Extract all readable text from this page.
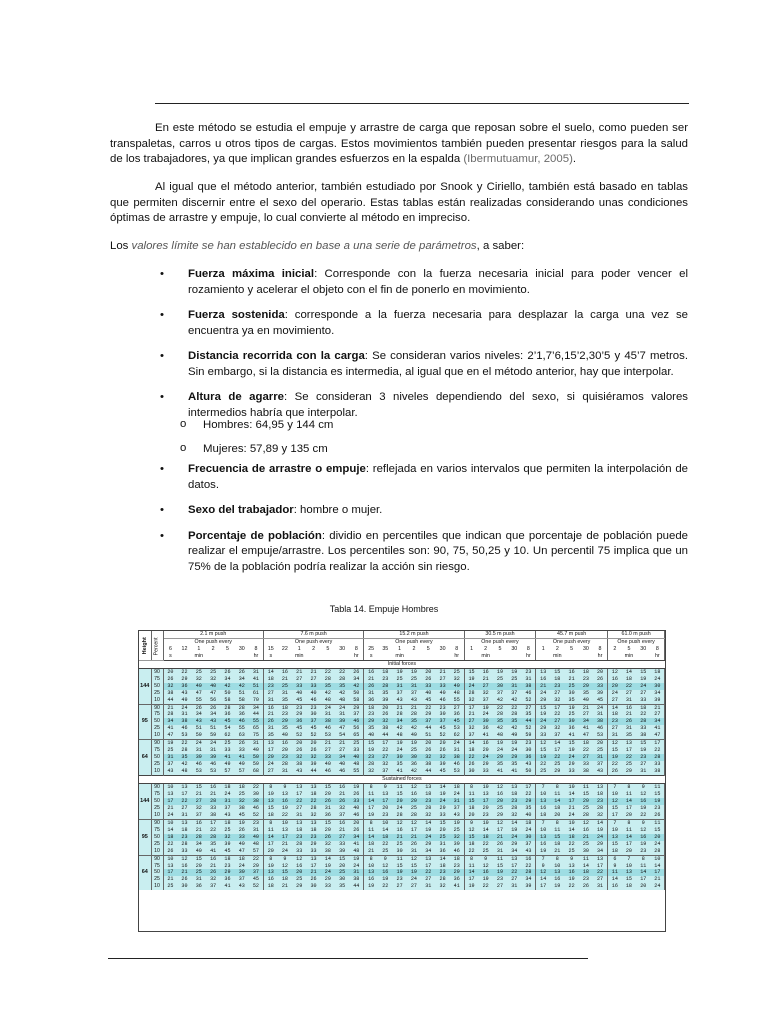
En este método se estudia el empuje y arrastre de carga que reposan sobre el suelo, como pueden ser transpaletas, carros u otros tipos de cargas. Estos movimientos también pueden presentar riesgos para la salud de los trabajadores, ya que implican grandes esfuerzos en la espalda (Ibermutuamur, 2005).

Al igual que el método anterior, también estudiado por Snook y Ciriello, también está basado en tablas que permiten discernir entre el sexo del operario. Estas tablas están realizadas considerando unas condiciones óptimas de arrastre y empuje, lo cual convierte al método en impreciso.

Los valores límite se han establecido en base a una serie de parámetros, a saber:

• Fuerza máxima inicial: Corresponde con la fuerza necesaria inicial para poder vencer el rozamiento y acelerar el objeto con el fin de ponerlo en movimiento.
• Fuerza sostenida: corresponde a la fuerza necesaria para desplazar la carga una vez se encuentra ya en movimiento.
• Distancia recorrida con la carga: Se consideran varios niveles: 2’1,7’6,15’2,30’5 y 45’7 metros. Sin embargo, si la distancia es intermedia, al igual que en el método anterior, hay que interpolar.
• Altura de agarre: Se consideran 3 niveles dependiendo del sexo, si quisiéramos valores intermedios habría que interpolar.
o Hombres: 64,95 y 144 cm
o Mujeres: 57,89 y 135 cm
• Frecuencia de arrastre o empuje: reflejada en varios intervalos que permiten la interpolación de datos.
• Sexo del trabajador: hombre o mujer.
• Porcentaje de población: dividio en percentiles que indican que porcentaje de población puede realizar el empuje/arrastre. Los percentiles son: 90, 75, 50,25 y 10. Un percentil 75 implica que un 75% de la población podría realizar la acción sin riesgo.
Tabla 14. Empuje Hombres
Height	Percent	2.1 m push							7.6 m push							15.2 m push							30.5 m push					45.7 m push					61.0 m push			
		One push every							One push every							One push every							One push every					One push every					One push every			
		6	12	1	2	5	30	8	15	22	1	2	5	30	8	25	35	1	2	5	30	8	1	2	5	30	8	1	2	5	30	8	2	5	30	8
		s		min				hr	s		min				hr	s		min				hr		min			hr		min			hr		min		hr
Initial forces																																				
144	90	20	22	25	25	26	26	31	14	16	21	21	22	22	26	16	18	19	19	20	21	25	15	16	19	19	23	13	15	16	18	20	12	14	15	18
	75	26	29	32	32	34	34	41	18	21	27	27	28	28	34	21	23	25	25	26	27	32	19	21	25	25	31	16	18	21	23	26	16	18	19	24
	50	32	36	40	40	42	42	51	23	25	33	33	35	35	42	26	28	31	31	33	33	40	24	27	30	31	38	21	23	25	29	33	20	22	24	30
	25	38	43	47	47	50	51	61	27	31	40	40	42	42	50	31	35	37	37	40	40	48	28	32	37	37	46	24	27	30	35	39	24	27	27	34
	10	44	49	55	56	58	58	70	31	35	45	46	48	48	58	36	39	43	43	45	46	55	32	37	42	42	52	29	32	35	40	45	27	31	33	39
95	90	21	24	26	26	28	28	34	16	18	23	23	24	24	29	18	20	21	21	22	23	27	17	19	22	22	27	15	17	19	21	24	14	16	18	21
	75	28	31	34	34	36	36	44	21	23	29	30	31	31	37	23	26	28	28	29	30	36	21	24	28	28	35	19	22	25	27	31	18	21	22	27
	50	34	38	43	43	45	46	55	26	29	36	37	38	39	46	29	32	34	35	37	37	45	27	30	35	35	44	24	27	30	34	38	23	26	28	34
	25	41	46	51	51	54	55	65	31	35	45	45	46	47	56	35	38	42	42	44	45	53	32	36	42	42	52	29	32	36	41	46	27	31	33	41
	10	47	53	59	59	62	63	75	35	40	52	52	53	54	65	40	44	48	49	51	52	62	37	41	48	49	59	33	37	41	47	53	31	35	38	47
64	90	19	22	24	24	25	26	31	13	16	20	20	21	21	25	15	17	19	19	20	20	24	14	16	19	19	23	12	14	15	18	20	12	13	15	17
	75	25	28	31	31	33	33	40	17	20	26	26	27	27	33	19	22	24	25	26	26	31	18	20	24	24	30	15	17	19	22	25	15	17	19	22
	50	31	35	39	39	41	41	50	20	23	32	32	33	34	40	23	27	30	30	32	32	38	22	24	29	29	36	19	22	24	27	31	19	22	23	28
	25	37	42	46	46	49	49	59	24	28	38	39	40	40	48	28	32	35	36	38	39	46	26	29	35	35	43	22	25	29	33	37	22	25	27	33
	10	43	48	53	53	57	57	68	27	31	43	44	46	46	55	32	37	41	42	44	45	53	30	33	41	41	50	25	29	33	38	43	26	29	31	38
Sustained forces																																				
144	90	10	13	15	16	18	18	22	8	9	13	13	15	16	19	8	9	11	12	13	14	18	8	10	12	13	17	7	8	10	11	13	7	8	9	11
	75	13	17	21	21	24	25	30	10	13	17	18	20	21	26	11	13	15	16	18	19	24	11	13	16	18	22	10	11	14	15	18	10	11	12	15
	50	17	22	27	28	31	32	38	13	16	22	22	26	26	33	14	17	20	20	23	24	31	15	17	20	23	29	13	14	17	20	23	12	14	16	19
	25	21	27	32	33	37	38	46	15	19	27	28	31	32	40	17	20	24	25	28	29	37	18	20	25	28	35	16	18	21	25	28	15	17	19	23
	10	24	31	37	38	43	45	52	18	22	31	32	36	37	46	19	23	28	28	32	33	43	20	23	29	32	40	18	20	24	28	32	17	20	22	26
95	90	10	13	16	17	18	19	23	8	10	13	13	15	16	20	8	10	12	12	14	15	19	9	10	12	14	18	7	8	10	12	14	7	8	9	11
	75	14	18	21	22	25	26	31	11	13	18	18	20	21	26	11	14	16	17	19	20	25	12	14	17	19	24	10	11	14	16	19	10	11	12	15
	50	18	23	28	28	32	33	40	14	17	23	23	26	27	34	14	18	21	21	24	25	32	15	18	21	24	30	13	15	18	21	24	13	14	16	20
	25	22	28	34	35	39	40	48	17	21	28	29	32	33	41	18	22	25	26	29	31	39	18	22	26	29	37	16	18	22	25	29	15	17	19	24
	10	26	33	40	41	45	47	57	20	24	33	33	38	39	48	21	25	30	31	34	36	46	22	25	31	34	43	19	21	25	30	34	18	20	23	28
64	90	10	12	15	16	18	18	22	8	9	12	13	14	15	19	8	9	11	12	13	14	18	8	9	11	13	16	7	8	9	11	13	6	7	8	10
	75	13	16	20	21	23	24	29	10	12	16	17	19	20	24	10	12	15	15	17	18	23	11	12	15	17	22	9	10	13	14	17	9	10	11	14
	50	17	21	25	26	29	30	37	13	15	20	21	24	25	31	13	16	19	19	22	23	29	14	16	19	22	28	12	13	16	18	22	11	13	14	17
	25	21	26	31	32	36	37	45	16	18	25	26	29	30	38	16	19	23	24	27	28	36	17	19	23	27	34	14	16	19	23	27	14	15	17	21
	10	25	30	36	37	41	43	52	18	21	29	30	33	35	44	19	22	27	27	31	32	41	19	22	27	31	39	17	19	22	26	31	16	18	20	24
